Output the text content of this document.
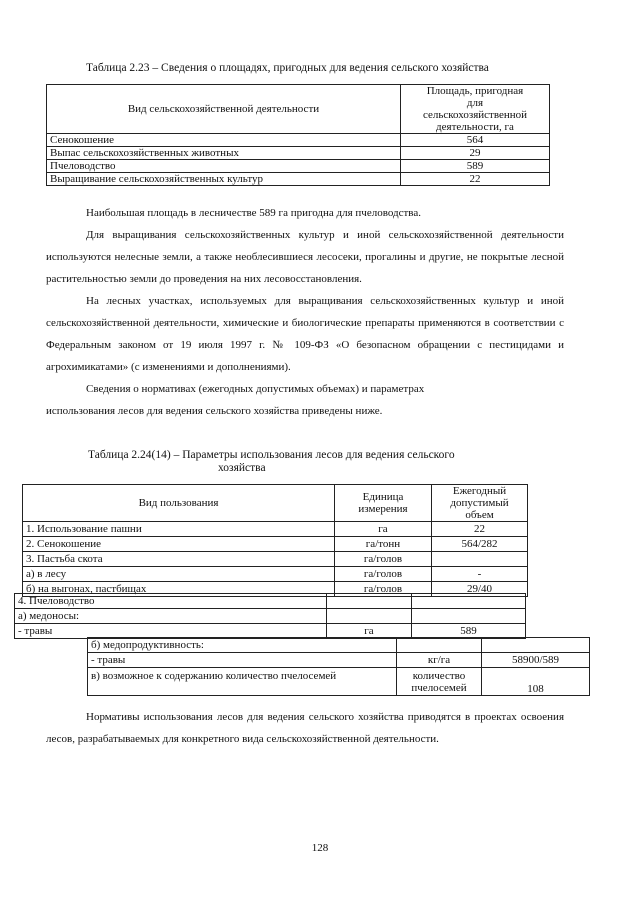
Таблица 2.23 – Сведения о площадях, пригодных для ведения сельского хозяйства
Вид сельскохозяйственной деятельности	Площадь, пригодная для сельскохозяйственной деятельности, га
Сенокошение	564
Выпас сельскохозяйственных животных	29
Пчеловодство	589
Выращивание сельскохозяйственных культур	22

Наибольшая площадь в лесничестве 589 га пригодна для пчеловодства.

Для выращивания сельскохозяйственных культур и иной сельскохозяйственной деятельности используются нелесные земли, а также необлесившиеся лесосеки, прогалины и другие, не покрытые лесной растительностью земли до проведения на них лесовосстановления.

На лесных участках, используемых для выращивания сельскохозяйственных культур и иной сельскохозяйственной деятельности, химические и биологические препараты применяются в соответствии с Федеральным законом от 19 июля 1997 г. № 109-ФЗ «О безопасном обращении с пестицидами и агрохимикатами» (с изменениями и дополнениями).

Сведения о нормативах (ежегодных допустимых объемах) и параметрах

использования лесов для ведения сельского хозяйства приведены ниже.

Таблица 2.24(14) – Параметры использования лесов для ведения сельского
хозяйства
Вид пользования	Единица измерения	Ежегодный допустимый объем
1. Использование пашни	га	22
2. Сенокошение	га/тонн	564/282
3. Пастьба скота	га/голов	
а) в лесу	га/голов	-
б) на выгонах, пастбищах	га/голов	29/40
4. Пчеловодство		
а) медоносы:		
- травы	га	589
б) медопродуктивность:		
- травы	кг/га	58900/589
в) возможное к содержанию количество пчелосемей	количество пчелосемей	108

Нормативы использования лесов для ведения сельского хозяйства приводятся в проектах освоения лесов, разрабатываемых для конкретного вида сельскохозяйственной деятельности.

128
